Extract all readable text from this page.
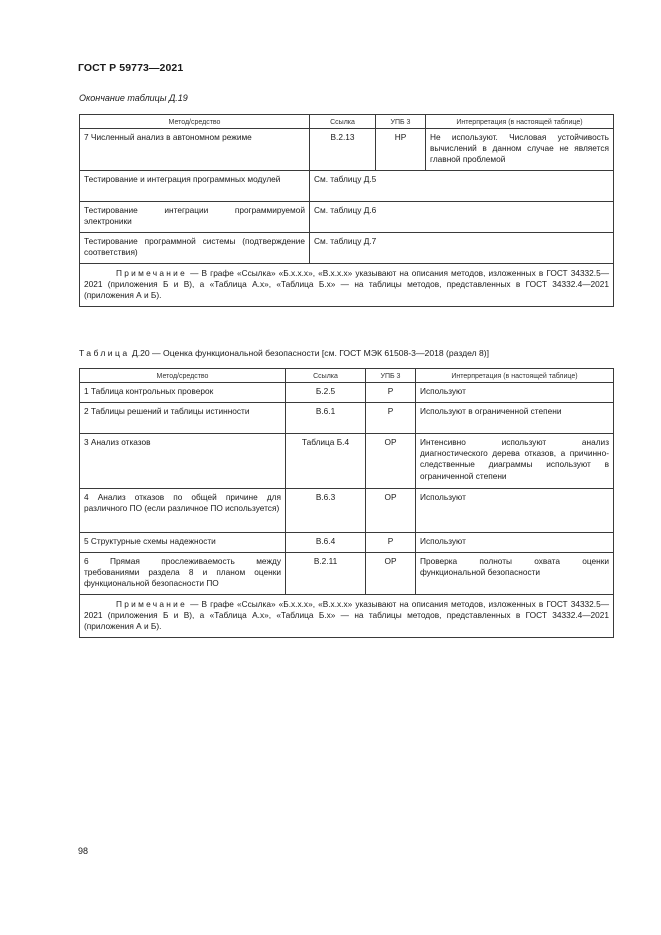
ГОСТ Р 59773—2021
Окончание таблицы Д.19
Метод/средство	Ссылка	УПБ 3	Интерпретация (в настоящей таблице)
7 Численный анализ в автономном режиме	В.2.13	НР	Не используют. Числовая устойчивость вычислений в данном случае не является главной проблемой
Тестирование и интеграция программных модулей	См. таблицу Д.5		
Тестирование интеграции программируемой электроники	См. таблицу Д.6		
Тестирование программной системы (подтверждение соответствия)	См. таблицу Д.7		
Примечание — В графе «Ссылка» «Б.х.х.х», «В.х.х.х» указывают на описания методов, изложенных в ГОСТ 34332.5—2021 (приложения Б и В), а «Таблица А.х», «Таблица Б.х» — на таблицы методов, представленных в ГОСТ 34332.4—2021 (приложения А и Б).			
Таблица Д.20 — Оценка функциональной безопасности [см. ГОСТ МЭК 61508-3—2018 (раздел 8)]
Метод/средство	Ссылка	УПБ 3	Интерпретация (в настоящей таблице)
1 Таблица контрольных проверок	Б.2.5	Р	Используют
2 Таблицы решений и таблицы истинности	В.6.1	Р	Используют в ограниченной степени
3 Анализ отказов	Таблица Б.4	ОР	Интенсивно используют анализ диагностического дерева отказов, а причинно-следственные диаграммы используют в ограниченной степени
4 Анализ отказов по общей причине для различного ПО (если различное ПО используется)	В.6.3	ОР	Используют
5 Структурные схемы надежности	В.6.4	Р	Используют
6 Прямая прослеживаемость между требованиями раздела 8 и планом оценки функциональной безопасности ПО	В.2.11	ОР	Проверка полноты охвата оценки функциональной безопасности
Примечание — В графе «Ссылка» «Б.х.х.х», «В.х.х.х» указывают на описания методов, изложенных в ГОСТ 34332.5—2021 (приложения Б и В), а «Таблица А.х», «Таблица Б.х» — на таблицы методов, представленных в ГОСТ 34332.4—2021 (приложения А и Б).			
98
